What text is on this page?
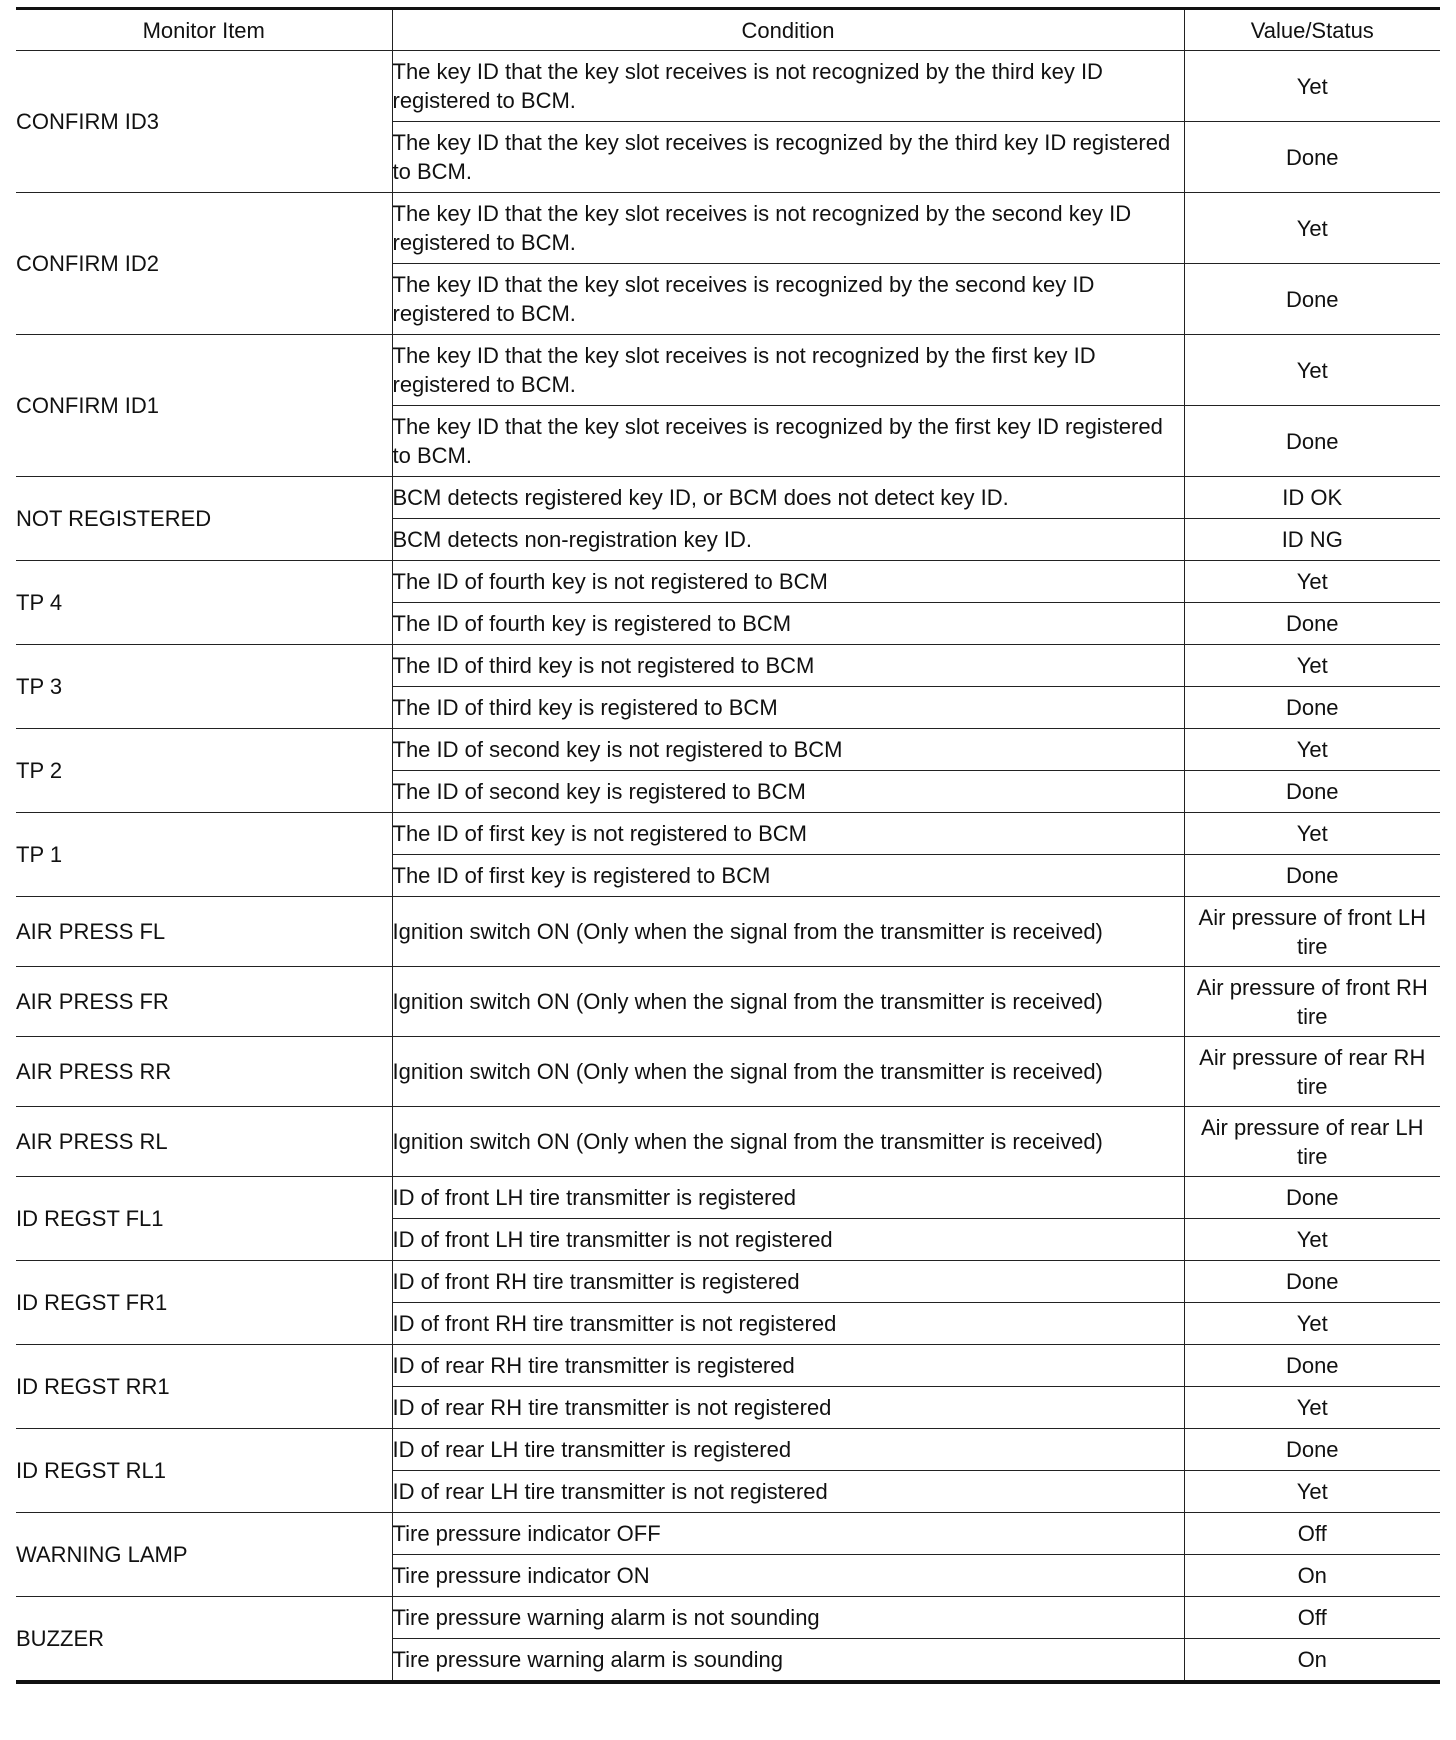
Monitor Item	Condition	Value/Status
CONFIRM ID3	The key ID that the key slot receives is not recognized by the third key ID registered to BCM.	Yet
	The key ID that the key slot receives is recognized by the third key ID registered to BCM.	Done
CONFIRM ID2	The key ID that the key slot receives is not recognized by the second key ID registered to BCM.	Yet
	The key ID that the key slot receives is recognized by the second key ID registered to BCM.	Done
CONFIRM ID1	The key ID that the key slot receives is not recognized by the first key ID registered to BCM.	Yet
	The key ID that the key slot receives is recognized by the first key ID registered to BCM.	Done
NOT REGISTERED	BCM detects registered key ID, or BCM does not detect key ID.	ID OK
	BCM detects non-registration key ID.	ID NG
TP 4	The ID of fourth key is not registered to BCM	Yet
	The ID of fourth key is registered to BCM	Done
TP 3	The ID of third key is not registered to BCM	Yet
	The ID of third key is registered to BCM	Done
TP 2	The ID of second key is not registered to BCM	Yet
	The ID of second key is registered to BCM	Done
TP 1	The ID of first key is not registered to BCM	Yet
	The ID of first key is registered to BCM	Done
AIR PRESS FL	Ignition switch ON (Only when the signal from the transmitter is received)	Air pressure of front LH tire
AIR PRESS FR	Ignition switch ON (Only when the signal from the transmitter is received)	Air pressure of front RH tire
AIR PRESS RR	Ignition switch ON (Only when the signal from the transmitter is received)	Air pressure of rear RH tire
AIR PRESS RL	Ignition switch ON (Only when the signal from the transmitter is received)	Air pressure of rear LH tire
ID REGST FL1	ID of front LH tire transmitter is registered	Done
	ID of front LH tire transmitter is not registered	Yet
ID REGST FR1	ID of front RH tire transmitter is registered	Done
	ID of front RH tire transmitter is not registered	Yet
ID REGST RR1	ID of rear RH tire transmitter is registered	Done
	ID of rear RH tire transmitter is not registered	Yet
ID REGST RL1	ID of rear LH tire transmitter is registered	Done
	ID of rear LH tire transmitter is not registered	Yet
WARNING LAMP	Tire pressure indicator OFF	Off
	Tire pressure indicator ON	On
BUZZER	Tire pressure warning alarm is not sounding	Off
	Tire pressure warning alarm is sounding	On
